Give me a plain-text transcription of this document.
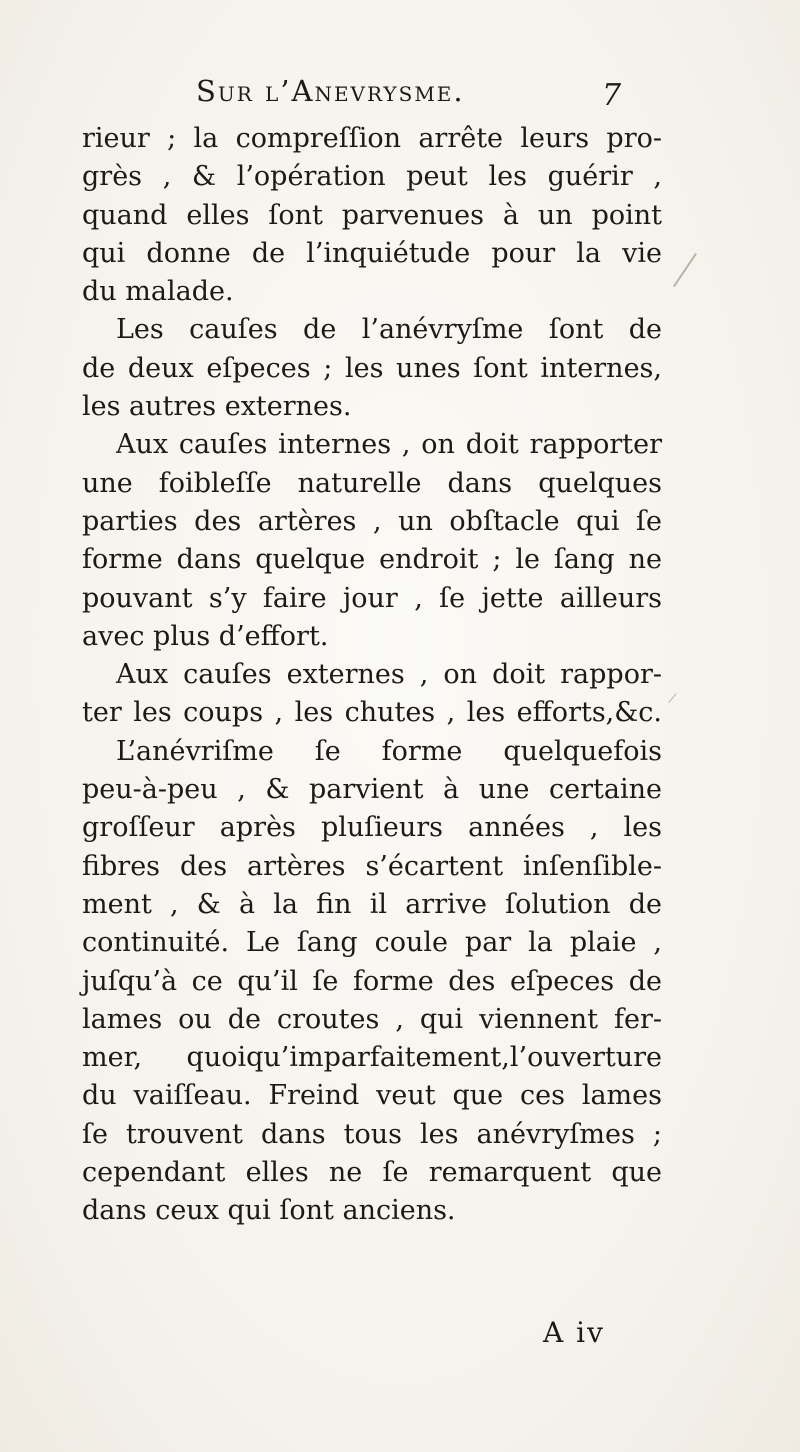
Sur l’Anevrysme.	7
rieur ; la compreſſion arrête leurs pro-
grès , & l’opération peut les guérir ,
quand elles ſont parvenues à un point
qui donne de l’inquiétude pour la vie
du malade.
Les cauſes de l’anévryſme ſont de
de deux eſpeces ; les unes ſont internes,
les autres externes.
Aux cauſes internes , on doit rapporter
une foibleſſe naturelle dans quelques
parties des artères , un obſtacle qui ſe
forme dans quelque endroit ; le ſang ne
pouvant s’y faire jour , ſe jette ailleurs
avec plus d’effort.
Aux cauſes externes , on doit rappor-
ter les coups , les chutes , les efforts,&c.
L’anévriſme ſe forme quelquefois
peu-à-peu , & parvient à une certaine
groſſeur après pluſieurs années , les
fibres des artères s’écartent inſenſible-
ment , & à la fin il arrive ſolution de
continuité. Le ſang coule par la plaie ,
juſqu’à ce qu’il ſe forme des eſpeces de
lames ou de croutes , qui viennent fer-
mer, quoiqu’imparfaitement,l’ouverture
du vaiſſeau. Freind veut que ces lames
ſe trouvent dans tous les anévryſmes ;
cependant elles ne ſe remarquent que
dans ceux qui ſont anciens.
A iv
